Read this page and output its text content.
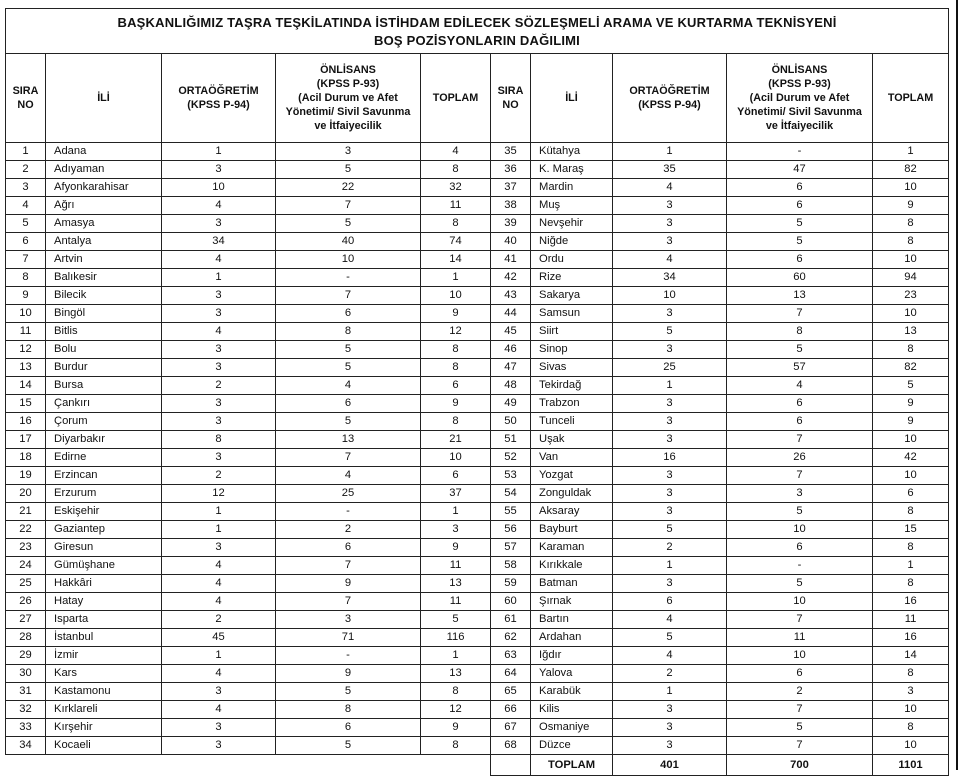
BAŞKANLIĞIMIZ TAŞRA TEŞKİLATINDA İSTİHDAM EDİLECEK SÖZLEŞMELİ ARAMA VE KURTARMA TEKNİSYENİ
BOŞ POZİSYONLARIN DAĞILIMI									

SIRA
NO	İLİ	ORTAÖĞRETİM
(KPSS P-94)	ÖNLİSANS
(KPSS P-93)
(Acil Durum ve Afet
Yönetimi/ Sivil Savunma
ve İtfaiyecilik	TOPLAM	SIRA
NO	İLİ	ORTAÖĞRETİM
(KPSS P-94)	ÖNLİSANS
(KPSS P-93)
(Acil Durum ve Afet
Yönetimi/ Sivil Savunma
ve İtfaiyecilik	TOPLAM
1	Adana	1	3	4	35	Kütahya	1	-	1
2	Adıyaman	3	5	8	36	K. Maraş	35	47	82
3	Afyonkarahisar	10	22	32	37	Mardin	4	6	10
4	Ağrı	4	7	11	38	Muş	3	6	9
5	Amasya	3	5	8	39	Nevşehir	3	5	8
6	Antalya	34	40	74	40	Niğde	3	5	8
7	Artvin	4	10	14	41	Ordu	4	6	10
8	Balıkesir	1	-	1	42	Rize	34	60	94
9	Bilecik	3	7	10	43	Sakarya	10	13	23
10	Bingöl	3	6	9	44	Samsun	3	7	10
11	Bitlis	4	8	12	45	Siirt	5	8	13
12	Bolu	3	5	8	46	Sinop	3	5	8
13	Burdur	3	5	8	47	Sivas	25	57	82
14	Bursa	2	4	6	48	Tekirdağ	1	4	5
15	Çankırı	3	6	9	49	Trabzon	3	6	9
16	Çorum	3	5	8	50	Tunceli	3	6	9
17	Diyarbakır	8	13	21	51	Uşak	3	7	10
18	Edirne	3	7	10	52	Van	16	26	42
19	Erzincan	2	4	6	53	Yozgat	3	7	10
20	Erzurum	12	25	37	54	Zonguldak	3	3	6
21	Eskişehir	1	-	1	55	Aksaray	3	5	8
22	Gaziantep	1	2	3	56	Bayburt	5	10	15
23	Giresun	3	6	9	57	Karaman	2	6	8
24	Gümüşhane	4	7	11	58	Kırıkkale	1	-	1
25	Hakkâri	4	9	13	59	Batman	3	5	8
26	Hatay	4	7	11	60	Şırnak	6	10	16
27	Isparta	2	3	5	61	Bartın	4	7	11
28	İstanbul	45	71	116	62	Ardahan	5	11	16
29	İzmir	1	-	1	63	Iğdır	4	10	14
30	Kars	4	9	13	64	Yalova	2	6	8
31	Kastamonu	3	5	8	65	Karabük	1	2	3
32	Kırklareli	4	8	12	66	Kilis	3	7	10
33	Kırşehir	3	6	9	67	Osmaniye	3	5	8
34	Kocaeli	3	5	8	68	Düzce	3	7	10
						TOPLAM	401	700	1101
